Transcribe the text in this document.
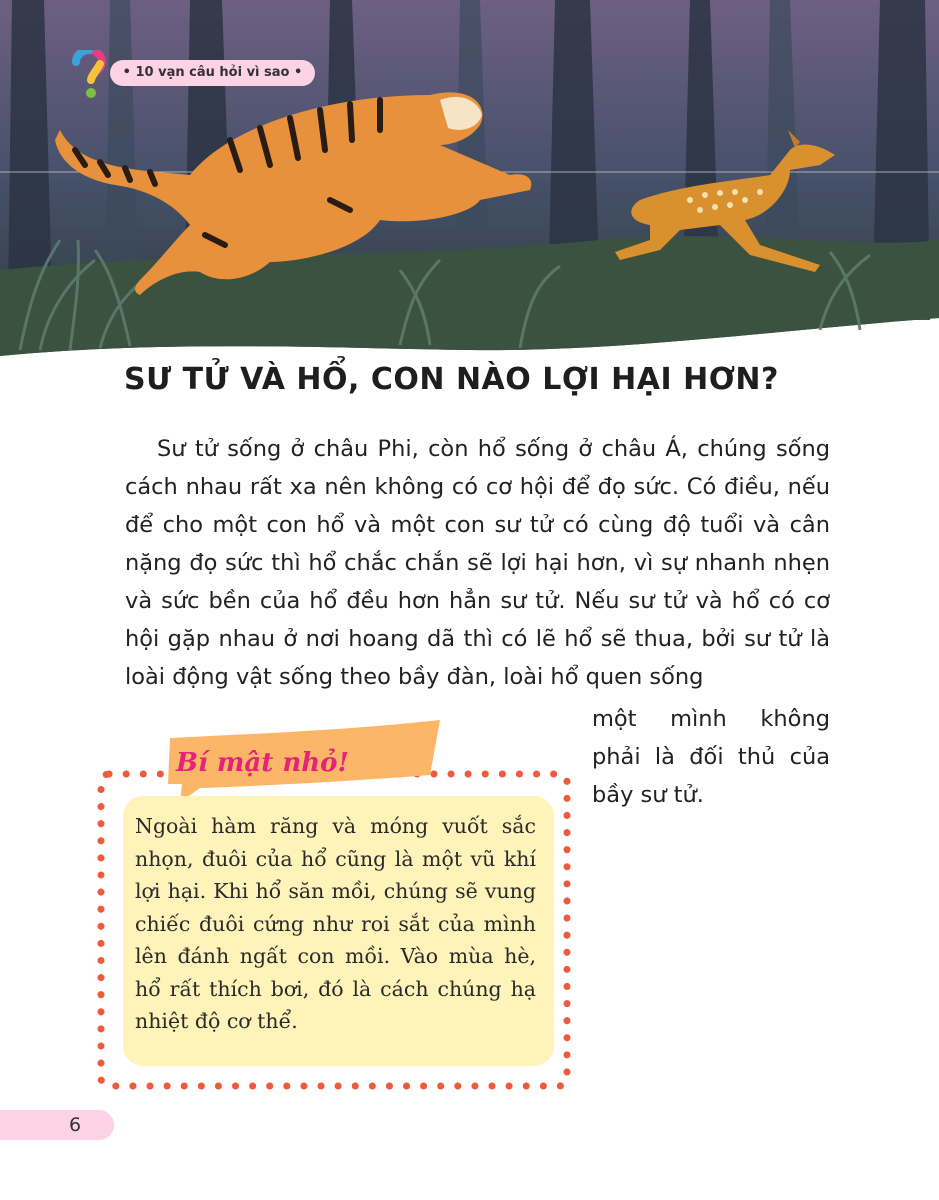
• 10 vạn câu hỏi vì sao •
SƯ TỬ VÀ HỔ, CON NÀO LỢI HẠI HƠN?

Sư tử sống ở châu Phi, còn hổ sống ở châu Á, chúng sống cách nhau rất xa nên không có cơ hội để đọ sức. Có điều, nếu để cho một con hổ và một con sư tử có cùng độ tuổi và cân nặng đọ sức thì hổ chắc chắn sẽ lợi hại hơn, vì sự nhanh nhẹn và sức bền của hổ đều hơn hẳn sư tử. Nếu sư tử và hổ có cơ hội gặp nhau ở nơi hoang dã thì có lẽ hổ sẽ thua, bởi sư tử là loài động vật sống theo bầy đàn, loài hổ quen sống

một mình không phải là đối thủ của bầy sư tử.
Bí mật nhỏ!
Ngoài hàm răng và móng vuốt sắc nhọn, đuôi của hổ cũng là một vũ khí lợi hại. Khi hổ săn mồi, chúng sẽ vung chiếc đuôi cứng như roi sắt của mình lên đánh ngất con mồi. Vào mùa hè, hổ rất thích bơi, đó là cách chúng hạ nhiệt độ cơ thể.
6
